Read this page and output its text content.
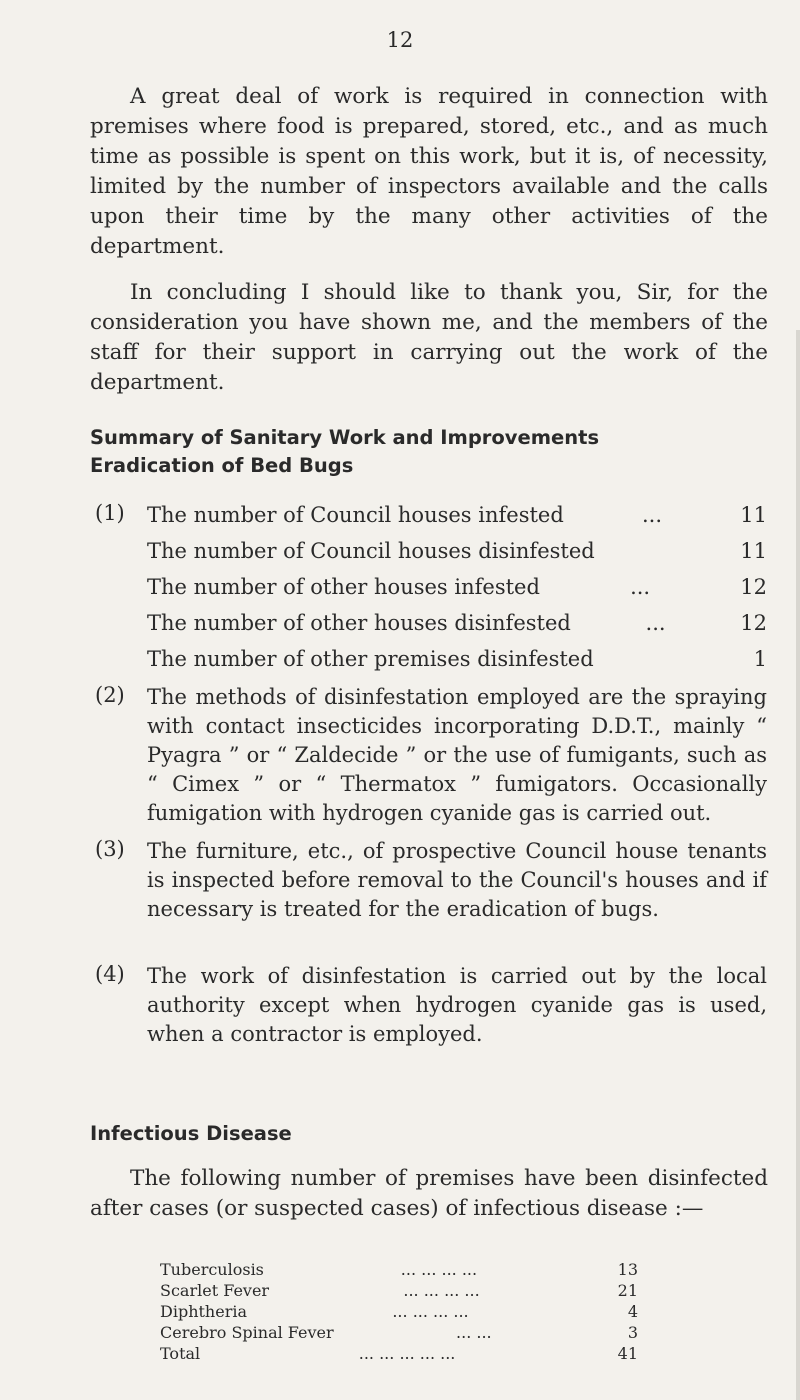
12

A great deal of work is required in connection with premises where food is prepared, stored, etc., and as much time as possible is spent on this work, but it is, of necessity, limited by the number of inspectors available and the calls upon their time by the many other activities of the department.

In concluding I should like to thank you, Sir, for the consideration you have shown me, and the members of the staff for their support in carrying out the work of the department.

Summary of Sanitary Work and Improvements
Eradication of Bed Bugs
(1) The number of Council houses infested	...	11
The number of Council houses disinfested	11
The number of other houses infested	...	12
The number of other houses disinfested	...	12
The number of other premises disinfested	1
(2) The methods of disinfestation employed are the spraying with contact insecticides incorporating D.D.T., mainly “ Pyagra ” or “ Zaldecide ” or the use of fumigants, such as “ Cimex ” or “ Thermatox ” fumigators. Occasionally fumigation with hydrogen cyanide gas is carried out.

(3) The furniture, etc., of prospective Council house tenants is inspected before removal to the Council's houses and if necessary is treated for the eradication of bugs.

(4) The work of disinfestation is carried out by the local authority except when hydrogen cyanide gas is used, when a contractor is employed.

Infectious Disease

The following number of premises have been disinfected after cases (or suspected cases) of infectious disease :—

Tuberculosis	... ... ... ...	13
Scarlet Fever	... ... ... ...	21
Diphtheria	... ... ... ...	4
Cerebro Spinal Fever	... ...	3
Total	... ... ... ... ...	41
